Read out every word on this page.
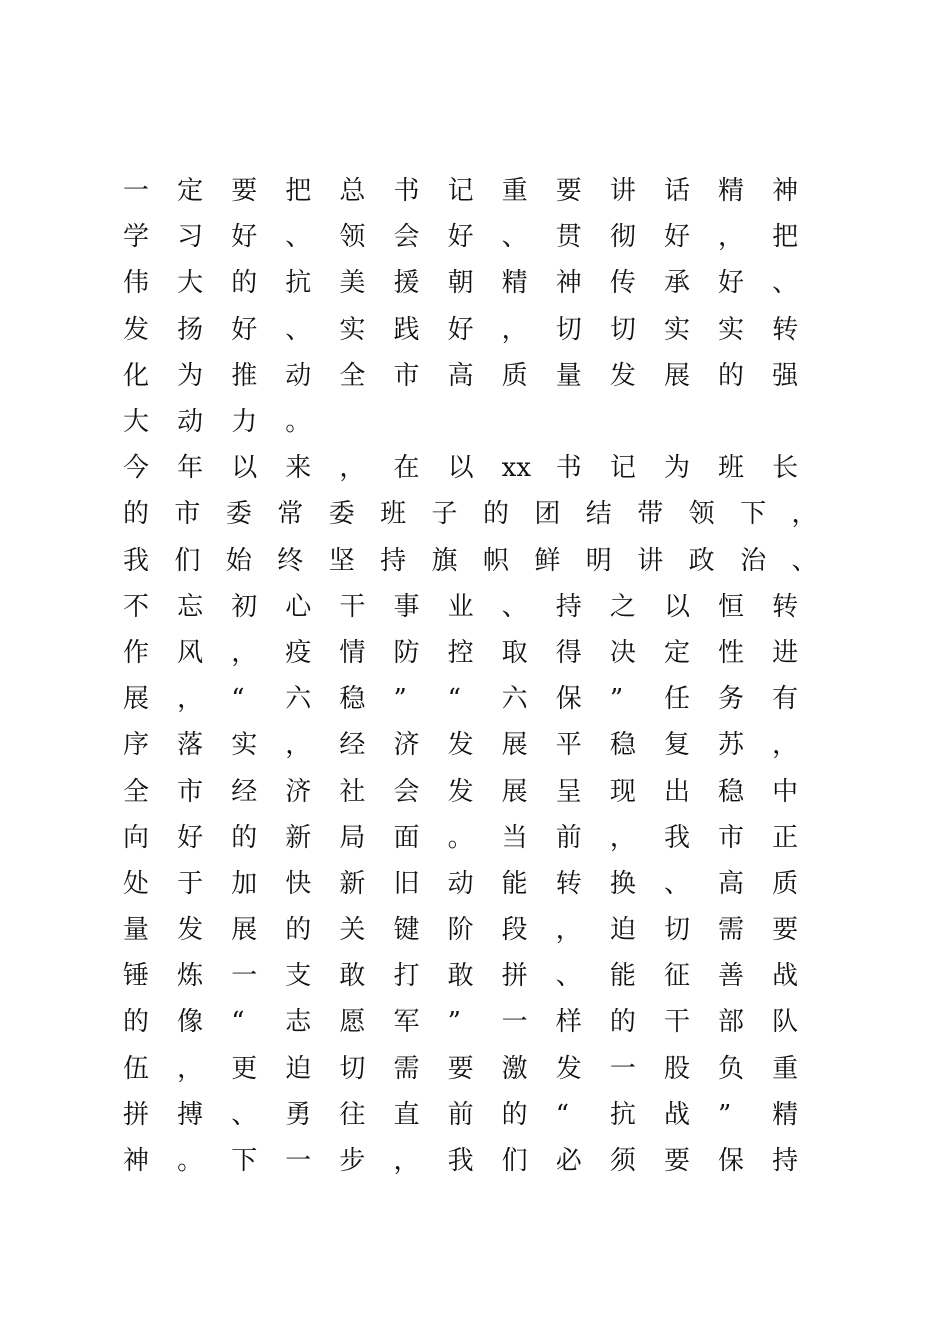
一	定	要	把	总	书	记	重	要	讲	话	精	神
学	习	好	、	领	会	好	、	贯	彻	好	，	把
伟	大	的	抗	美	援	朝	精	神	传	承	好	、
发	扬	好	、	实	践	好	，	切	切	实	实	转
化	为	推	动	全	市	高	质	量	发	展	的	强
大	动	力	。
今	年	以	来	，	在	以	xx 书	记	为	班	长
的 市 委 常 委 班 子 的 团 结 带 领 下 ，
我 们 始 终 坚 持 旗 帜 鲜 明 讲 政 治 、
不	忘	初	心	干	事	业	、	持	之	以	恒	转
作	风	，	疫	情	防	控	取	得	决	定	性	进
展	，	“	六	稳	”	“	六	保	”	任	务	有
序	落	实	，	经	济	发	展	平	稳	复	苏	，
全	市	经	济	社	会	发	展	呈	现	出	稳	中
向	好	的	新	局	面	。	当	前	，	我	市	正
处	于	加	快	新	旧	动	能	转	换	、	高	质
量	发	展	的	关	键	阶	段	，	迫	切	需	要
锤	炼	一	支	敢	打	敢	拼	、	能	征	善	战
的	像	“	志	愿	军	”	一	样	的	干	部	队
伍	，	更	迫	切	需	要	激	发	一	股	负	重
拼	搏	、	勇	往	直	前	的	“	抗	战	”	精
神	。	下	一	步	，	我	们	必	须	要	保	持
